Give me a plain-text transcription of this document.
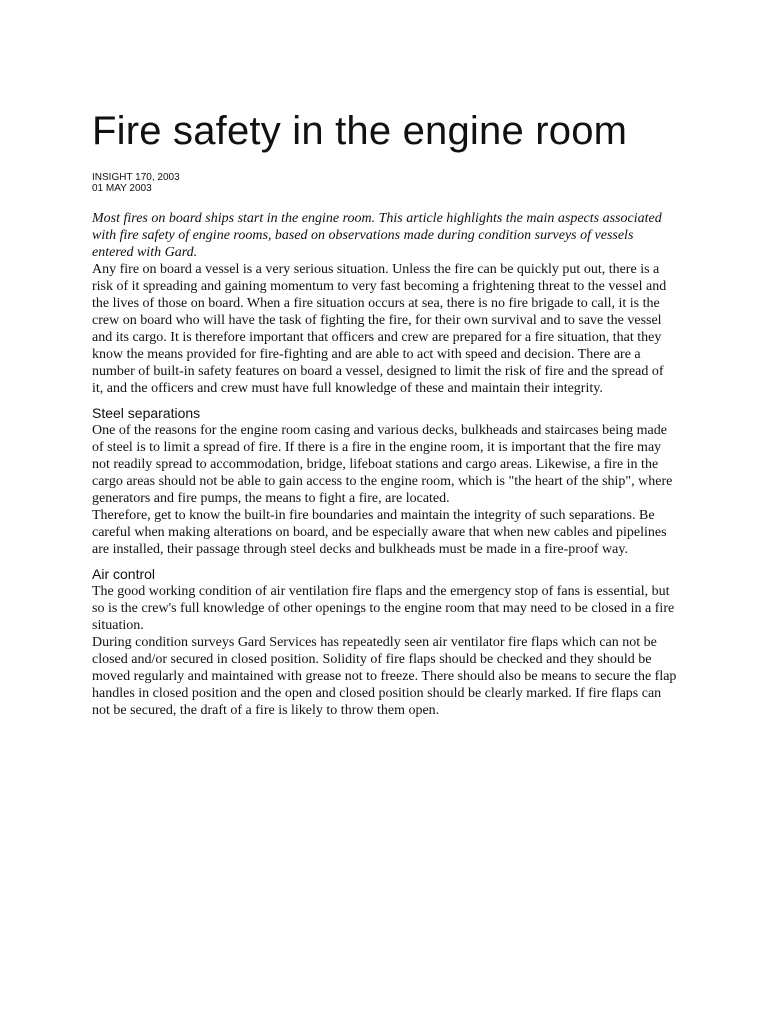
Fire safety in the engine room
INSIGHT 170, 2003
01 MAY 2003
Most fires on board ships start in the engine room. This article highlights the main aspects associated with fire safety of engine rooms, based on observations made during condition surveys of vessels entered with Gard.

Any fire on board a vessel is a very serious situation. Unless the fire can be quickly put out, there is a risk of it spreading and gaining momentum to very fast becoming a frightening threat to the vessel and the lives of those on board. When a fire situation occurs at sea, there is no fire brigade to call, it is the crew on board who will have the task of fighting the fire, for their own survival and to save the vessel and its cargo. It is therefore important that officers and crew are prepared for a fire situation, that they know the means provided for fire-fighting and are able to act with speed and decision. There are a number of built-in safety features on board a vessel, designed to limit the risk of fire and the spread of it, and the officers and crew must have full knowledge of these and maintain their integrity.

Steel separations

One of the reasons for the engine room casing and various decks, bulkheads and staircases being made of steel is to limit a spread of fire. If there is a fire in the engine room, it is important that the fire may not readily spread to accommodation, bridge, lifeboat stations and cargo areas. Likewise, a fire in the cargo areas should not be able to gain access to the engine room, which is "the heart of the ship", where generators and fire pumps, the means to fight a fire, are located.

Therefore, get to know the built-in fire boundaries and maintain the integrity of such separations. Be careful when making alterations on board, and be especially aware that when new cables and pipelines are installed, their passage through steel decks and bulkheads must be made in a fire-proof way.

Air control

The good working condition of air ventilation fire flaps and the emergency stop of fans is essential, but so is the crew's full knowledge of other openings to the engine room that may need to be closed in a fire situation.

During condition surveys Gard Services has repeatedly seen air ventilator fire flaps which can not be closed and/or secured in closed position. Solidity of fire flaps should be checked and they should be moved regularly and maintained with grease not to freeze. There should also be means to secure the flap handles in closed position and the open and closed position should be clearly marked. If fire flaps can not be secured, the draft of a fire is likely to throw them open.
